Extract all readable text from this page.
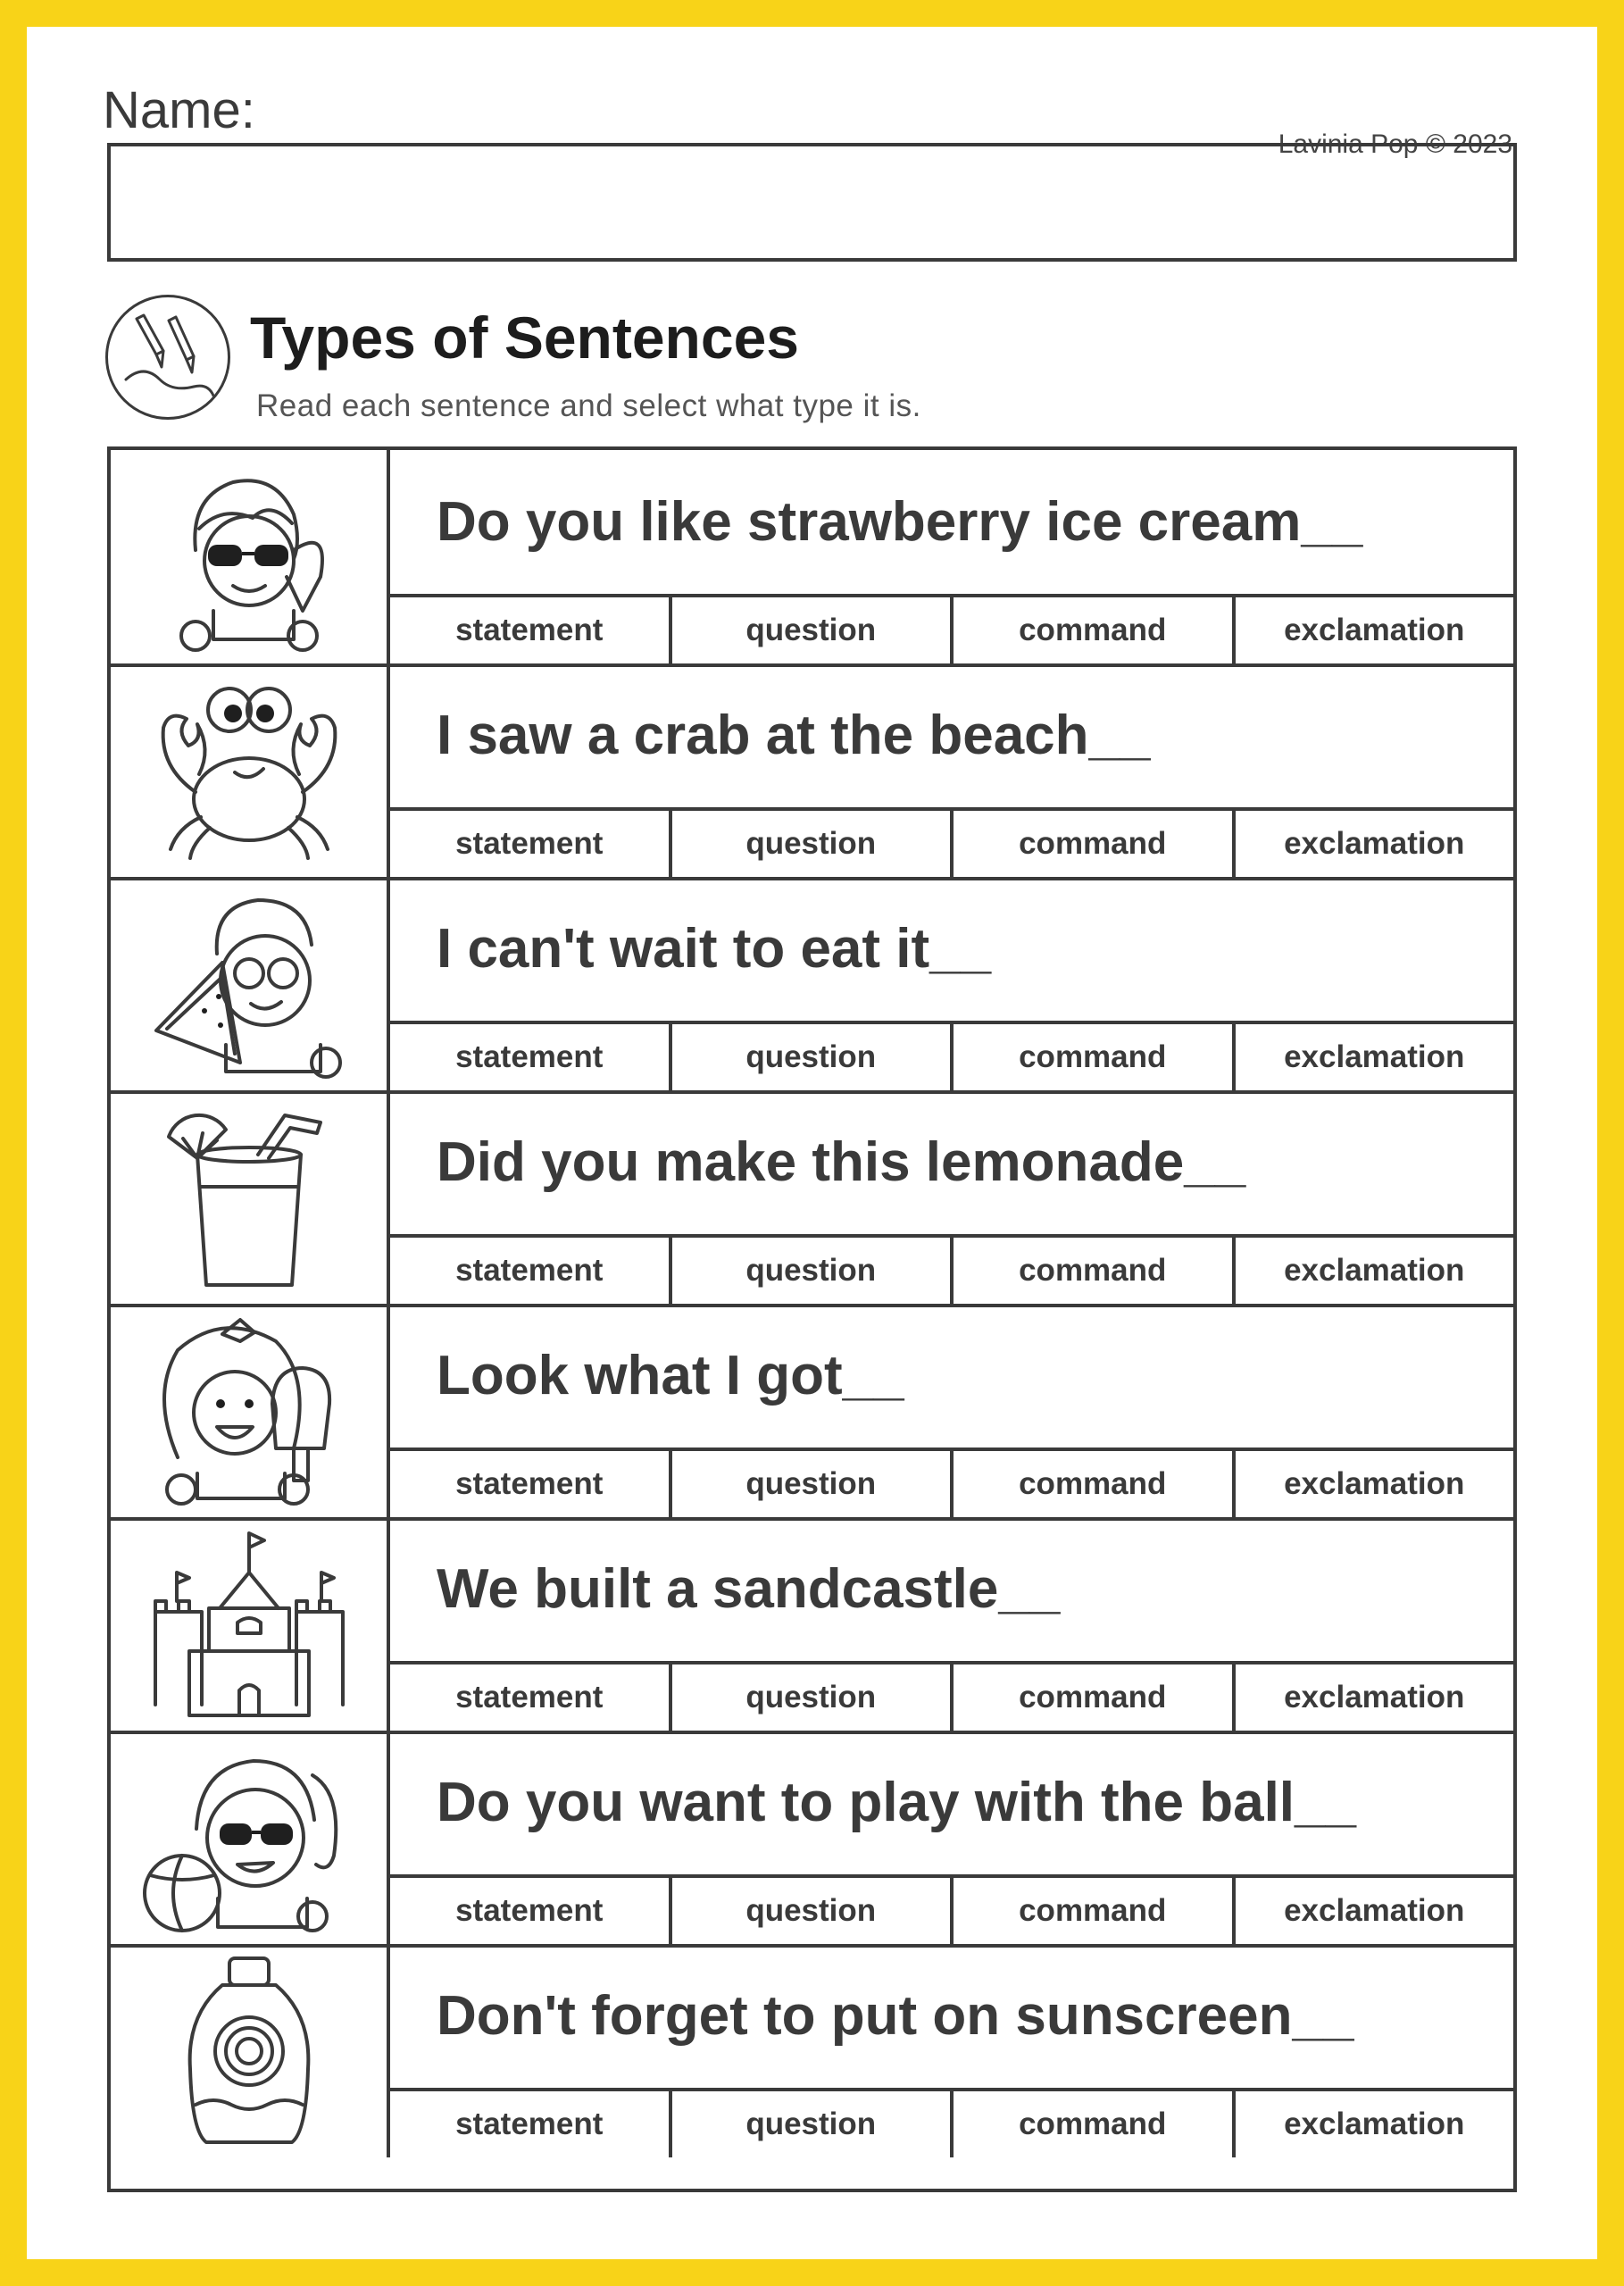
Name:
Lavinia Pop © 2023
Types of Sentences
Read each sentence and select what type it is.
Do you like strawberry ice cream__
statement	question	command	exclamation
I saw a crab at the beach__
statement	question	command	exclamation
I can't wait to eat it__
statement	question	command	exclamation
Did you make this lemonade__
statement	question	command	exclamation
Look what I got__
statement	question	command	exclamation
We built a sandcastle__
statement	question	command	exclamation
Do you want to play with the ball__
statement	question	command	exclamation
Don't forget to put on sunscreen__
statement	question	command	exclamation
